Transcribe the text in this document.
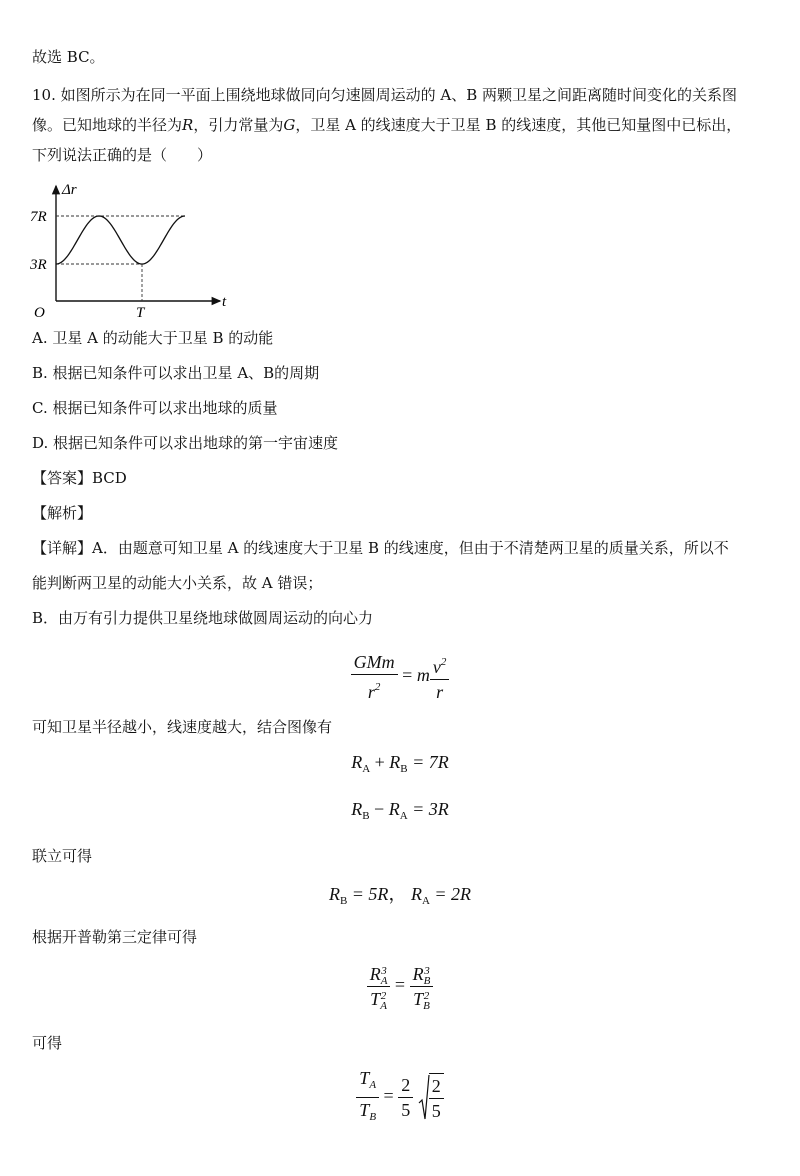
故选 BC。
10. 如图所示为在同一平面上围绕地球做同向匀速圆周运动的 A、B 两颗卫星之间距离随时间变化的关系图
像。已知地球的半径为R，引力常量为G，卫星 A 的线速度大于卫星 B 的线速度，其他已知量图中已标出，
下列说法正确的是（　　）
Δr
t
O
7R
3R
T
A. 卫星 A 的动能大于卫星 B 的动能
B. 根据已知条件可以求出卫星 A、B的周期
C. 根据已知条件可以求出地球的质量
D. 根据已知条件可以求出地球的第一宇宙速度
【答案】BCD
【解析】
【详解】A．由题意可知卫星 A 的线速度大于卫星 B 的线速度，但由于不清楚两卫星的质量关系，所以不
能判断两卫星的动能大小关系，故 A 错误；
B．由万有引力提供卫星绕地球做圆周运动的向心力
$\frac{\text{GMm}}{r^2} = m \frac{v^2}{r}$
可知卫星半径越小，线速度越大，结合图像有
$R_A + R_B = 7R$
$R_B - R_A = 3R$
联立可得
$R_B = 5R$， $R_A = 2R$
根据开普勒第三定律可得
R 3
A
T 2
A = R 3
B
T 2
B
可得
$\frac{T_A}{T_B} = \frac{2}{5}$
$\frac{2}{5}$
